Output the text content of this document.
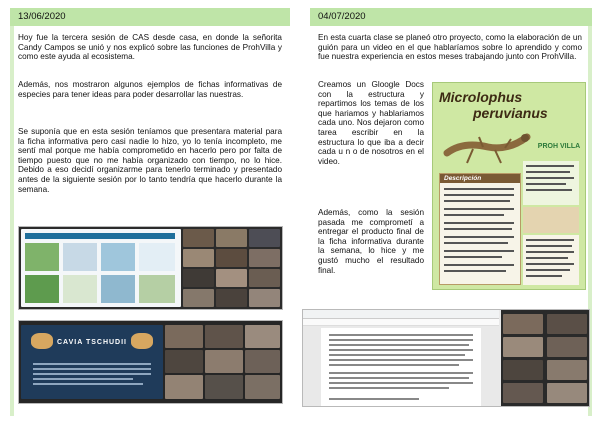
13/06/2020

Hoy fue la tercera sesión de CAS desde casa, en donde la señorita Candy Campos se unió y nos explicó sobre las funciones de ProhVilla y como este ayuda al ecosistema.

Además, nos mostraron algunos ejemplos de fichas informativas de especies para tener ideas para poder desarrollar las nuestras.

Se suponía que en esta sesión teníamos que presentara material para la ficha informativa pero casi nadie lo hizo, yo lo tenía incompleto, me sentí mal porque me había comprometido en hacerlo pero por falta de tiempo puesto que no me había organizado con tiempo, no lo hice. Debido a eso decidí organizarme para tenerlo terminado y presentado antes de la siguiente sesión por lo tanto tendría que hacerlo durante la semana.

CAVIA TSCHUDII
04/07/2020

En esta cuarta clase se planeó otro proyecto, como la elaboración de un guión para un video en el que hablaríamos sobre lo aprendido y como fue nuestra experiencia en estos meses trabajando junto con ProhVilla.

Creamos un Gloogle Docs con la estructura y repartimos los temas de los que hariamos y hablariamos cada uno. Nos dejaron como tarea escribir en la estructura lo que iba a decir cada u n o de nosotros en el video.

Además, como la sesión pasada me comprometí a entregar el producto final de la ficha informativa durante la semana, lo hice y me gustó mucho el resultado final.

Microlophus
peruvianus
PROH VILLA
Descripción
